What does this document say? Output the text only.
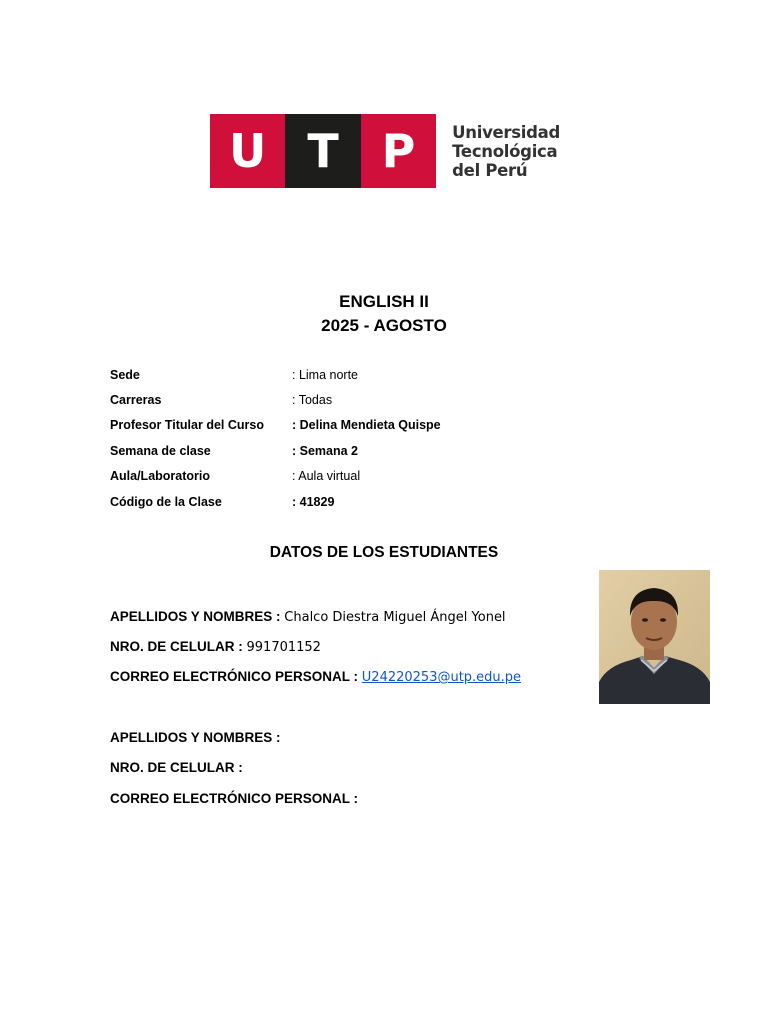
U T P	Universidad
Tecnológica
del Perú
ENGLISH II
2025 - AGOSTO
Sede	: Lima norte
Carreras	: Todas
Profesor Titular del Curso	: Delina Mendieta Quispe
Semana de clase	: Semana 2
Aula/Laboratorio	: Aula virtual
Código de la Clase	: 41829
DATOS DE LOS ESTUDIANTES
APELLIDOS Y NOMBRES : Chalco Diestra Miguel Ángel Yonel
NRO. DE CELULAR : 991701152
CORREO ELECTRÓNICO PERSONAL : U24220253@utp.edu.pe
APELLIDOS Y NOMBRES :
NRO. DE CELULAR :
CORREO ELECTRÓNICO PERSONAL :
